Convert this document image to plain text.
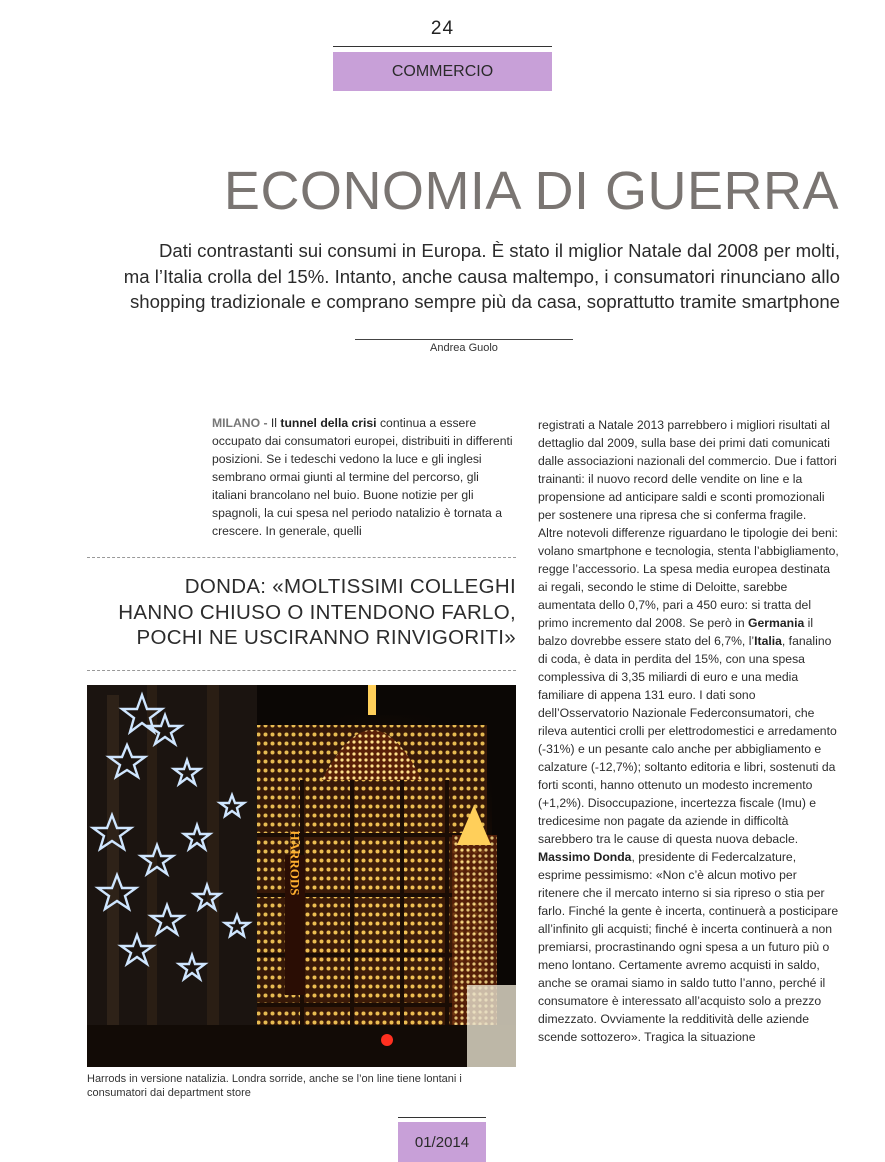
24
COMMERCIO
ECONOMIA DI GUERRA
Dati contrastanti sui consumi in Europa. È stato il miglior Natale dal 2008 per molti,
ma l’Italia crolla del 15%. Intanto, anche causa maltempo, i consumatori rinunciano allo
shopping tradizionale e comprano sempre più da casa, soprattutto tramite smartphone
Andrea Guolo
MILANO - Il tunnel della crisi continua a essere occupato dai consumatori europei, distribuiti in differenti posizioni. Se i tedeschi vedono la luce e gli inglesi sembrano ormai giunti al termine del percorso, gli italiani brancolano nel buio. Buone notizie per gli spagnoli, la cui spesa nel periodo natalizio è tornata a crescere. In generale, quelli
DONDA: «MOLTISSIMI COLLEGHI
HANNO CHIUSO O INTENDONO FARLO,
POCHI NE USCIRANNO RINVIGORITI»
HARRODS
Harrods in versione natalizia. Londra sorride, anche se l’on line tiene lontani i consumatori dai department store

registrati a Natale 2013 parrebbero i migliori risultati al dettaglio dal 2009, sulla base dei primi dati comunicati dalle associazioni nazionali del commercio. Due i fattori trainanti: il nuovo record delle vendite on line e la propensione ad anticipare saldi e sconti promozionali per sostenere una ripresa che si conferma fragile.

Altre notevoli differenze riguardano le tipologie dei beni: volano smartphone e tecnologia, stenta l’abbigliamento, regge l’accessorio. La spesa media europea destinata ai regali, secondo le stime di Deloitte, sarebbe aumentata dello 0,7%, pari a 450 euro: si tratta del primo incremento dal 2008. Se però in Germania il balzo dovrebbe essere stato del 6,7%, l’Italia, fanalino di coda, è data in perdita del 15%, con una spesa complessiva di 3,35 miliardi di euro e una media familiare di appena 131 euro. I dati sono dell’Osservatorio Nazionale Federconsumatori, che rileva autentici crolli per elettrodomestici e arredamento (-31%) e un pesante calo anche per abbigliamento e calzature (-12,7%); soltanto editoria e libri, sostenuti da forti sconti, hanno ottenuto un modesto incremento (+1,2%). Disoccupazione, incertezza fiscale (Imu) e tredicesime non pagate da aziende in difficoltà sarebbero tra le cause di questa nuova debacle.

Massimo Donda, presidente di Federcalzature, esprime pessimismo: «Non c’è alcun motivo per ritenere che il mercato interno si sia ripreso o stia per farlo. Finché la gente è incerta, continuerà a posticipare all’infinito gli acquisti; finché è incerta continuerà a non premiarsi, procrastinando ogni spesa a un futuro più o meno lontano. Certamente avremo acquisti in saldo, anche se oramai siamo in saldo tutto l’anno, perché il consumatore è interessato all’acquisto solo a prezzo dimezzato. Ovviamente la redditività delle aziende scende sottozero». Tragica la situazione

01/2014
